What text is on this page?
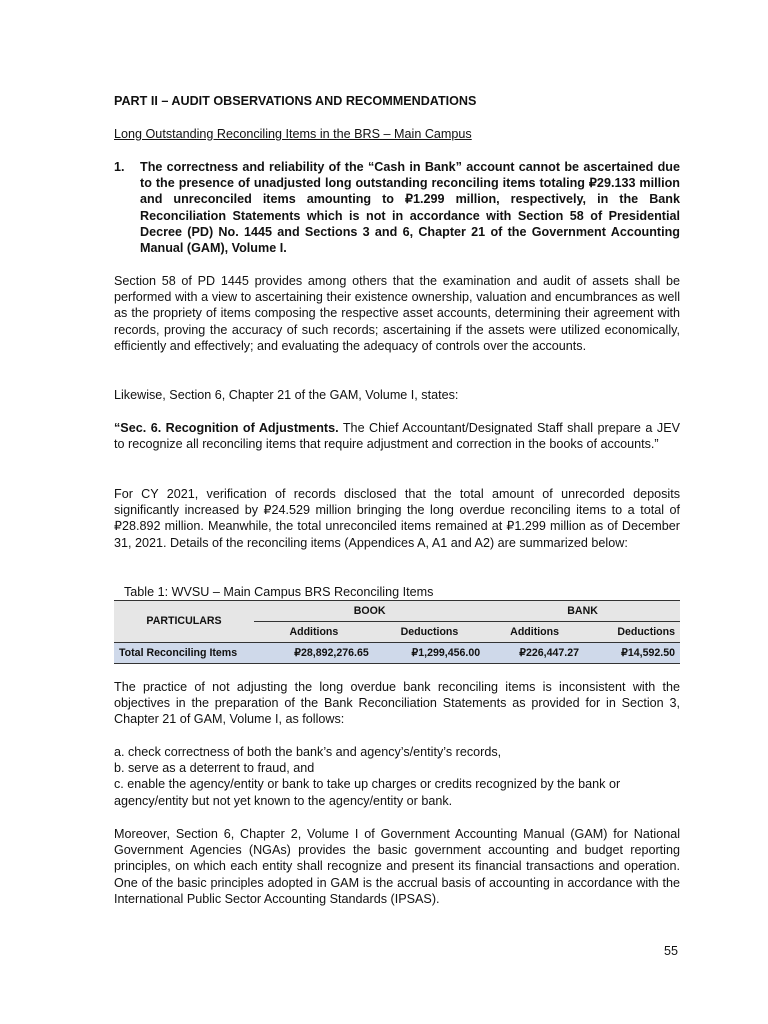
PART II – AUDIT OBSERVATIONS AND RECOMMENDATIONS
Long Outstanding Reconciling Items in the BRS – Main Campus
1.	The correctness and reliability of the “Cash in Bank” account cannot be ascertained due to the presence of unadjusted long outstanding reconciling items totaling ₽29.133 million and unreconciled items amounting to ₽1.299 million, respectively, in the Bank Reconciliation Statements which is not in accordance with Section 58 of Presidential Decree (PD) No. 1445 and Sections 3 and 6, Chapter 21 of the Government Accounting Manual (GAM), Volume I.

Section 58 of PD 1445 provides among others that the examination and audit of assets shall be performed with a view to ascertaining their existence ownership, valuation and encumbrances as well as the propriety of items composing the respective asset accounts, determining their agreement with records, proving the accuracy of such records; ascertaining if the assets were utilized economically, efficiently and effectively; and evaluating the adequacy of controls over the accounts.

Likewise, Section 6, Chapter 21 of the GAM, Volume I, states:

“Sec. 6. Recognition of Adjustments. The Chief Accountant/Designated Staff shall prepare a JEV to recognize all reconciling items that require adjustment and correction in the books of accounts.”

For CY 2021, verification of records disclosed that the total amount of unrecorded deposits significantly increased by ₽24.529 million bringing the long overdue reconciling items to a total of ₽28.892 million. Meanwhile, the total unreconciled items remained at ₽1.299 million as of December 31, 2021. Details of the reconciling items (Appendices A, A1 and A2) are summarized below:

Table 1: WVSU – Main Campus BRS Reconciling Items
PARTICULARS	BOOK		BANK	
	Additions	Deductions	Additions	Deductions
Total Reconciling Items	₽28,892,276.65	₽1,299,456.00	₽226,447.27	₽14,592.50

The practice of not adjusting the long overdue bank reconciling items is inconsistent with the objectives in the preparation of the Bank Reconciliation Statements as provided for in Section 3, Chapter 21 of GAM, Volume I, as follows:

a. check correctness of both the bank’s and agency’s/entity’s records,
b. serve as a deterrent to fraud, and
c. enable the agency/entity or bank to take up charges or credits recognized by the bank or agency/entity but not yet known to the agency/entity or bank.

Moreover, Section 6, Chapter 2, Volume I of Government Accounting Manual (GAM) for National Government Agencies (NGAs) provides the basic government accounting and budget reporting principles, on which each entity shall recognize and present its financial transactions and operation. One of the basic principles adopted in GAM is the accrual basis of accounting in accordance with the International Public Sector Accounting Standards (IPSAS).

55
